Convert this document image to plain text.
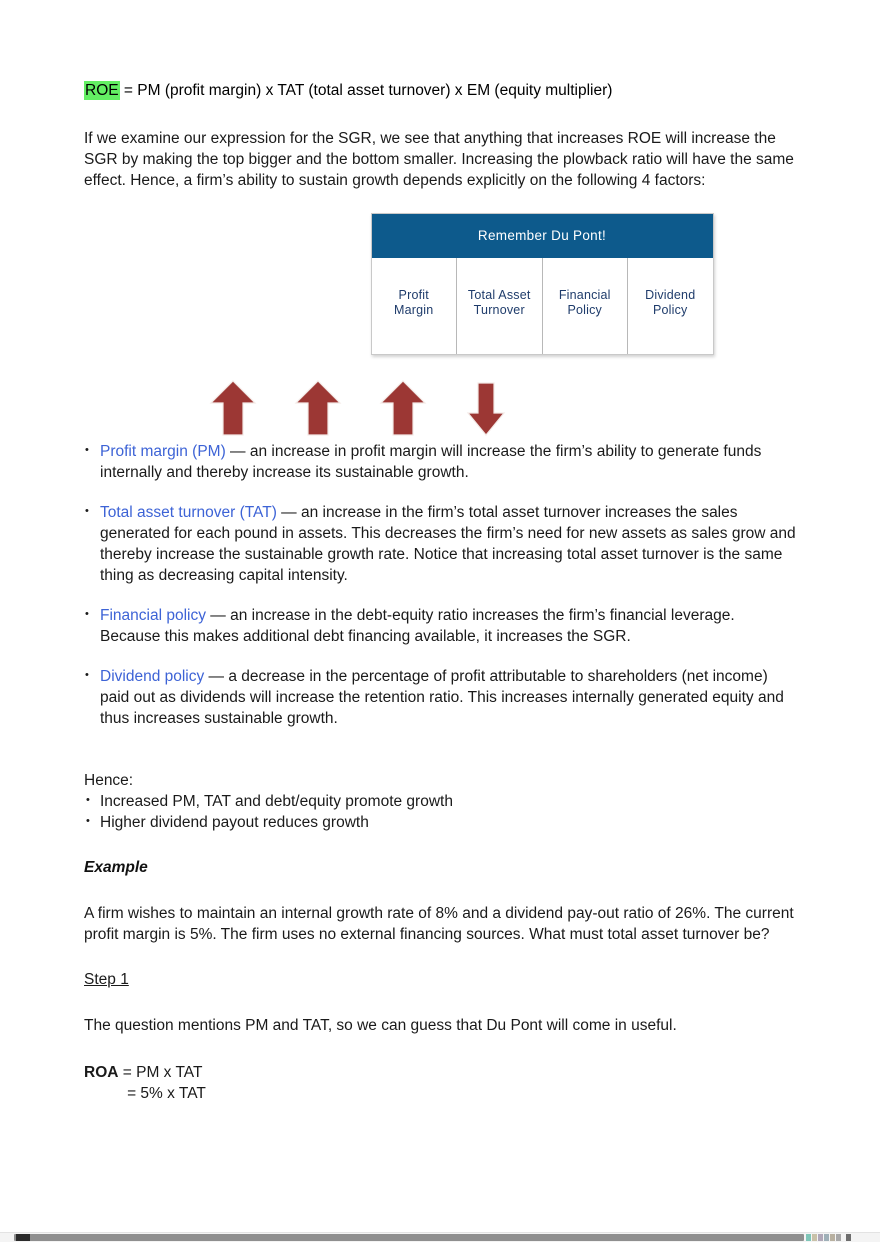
ROE = PM (profit margin) x TAT (total asset turnover) x EM (equity multiplier)

If we examine our expression for the SGR, we see that anything that increases ROE will increase the SGR by making the top bigger and the bottom smaller. Increasing the plowback ratio will have the same effect. Hence, a firm’s ability to sustain growth depends explicitly on the following 4 factors:

Remember Du Pont!
Profit
Margin
Total Asset
Turnover
Financial
Policy
Dividend
Policy
• Profit margin (PM) — an increase in profit margin will increase the firm’s ability to generate funds internally and thereby increase its sustainable growth.
• Total asset turnover (TAT) — an increase in the firm’s total asset turnover increases the sales generated for each pound in assets. This decreases the firm’s need for new assets as sales grow and thereby increase the sustainable growth rate. Notice that increasing total asset turnover is the same thing as decreasing capital intensity.
• Financial policy — an increase in the debt-equity ratio increases the firm’s financial leverage. Because this makes additional debt financing available, it increases the SGR.
• Dividend policy — a decrease in the percentage of profit attributable to shareholders (net income) paid out as dividends will increase the retention ratio. This increases internally generated equity and thus increases sustainable growth.

Hence:

• Increased PM, TAT and debt/equity promote growth
• Higher dividend payout reduces growth

Example

A firm wishes to maintain an internal growth rate of 8% and a dividend pay-out ratio of 26%. The current profit margin is 5%. The firm uses no external financing sources. What must total asset turnover be?

Step 1

The question mentions PM and TAT, so we can guess that Du Pont will come in useful.

ROA = PM x TAT

= 5% x TAT
